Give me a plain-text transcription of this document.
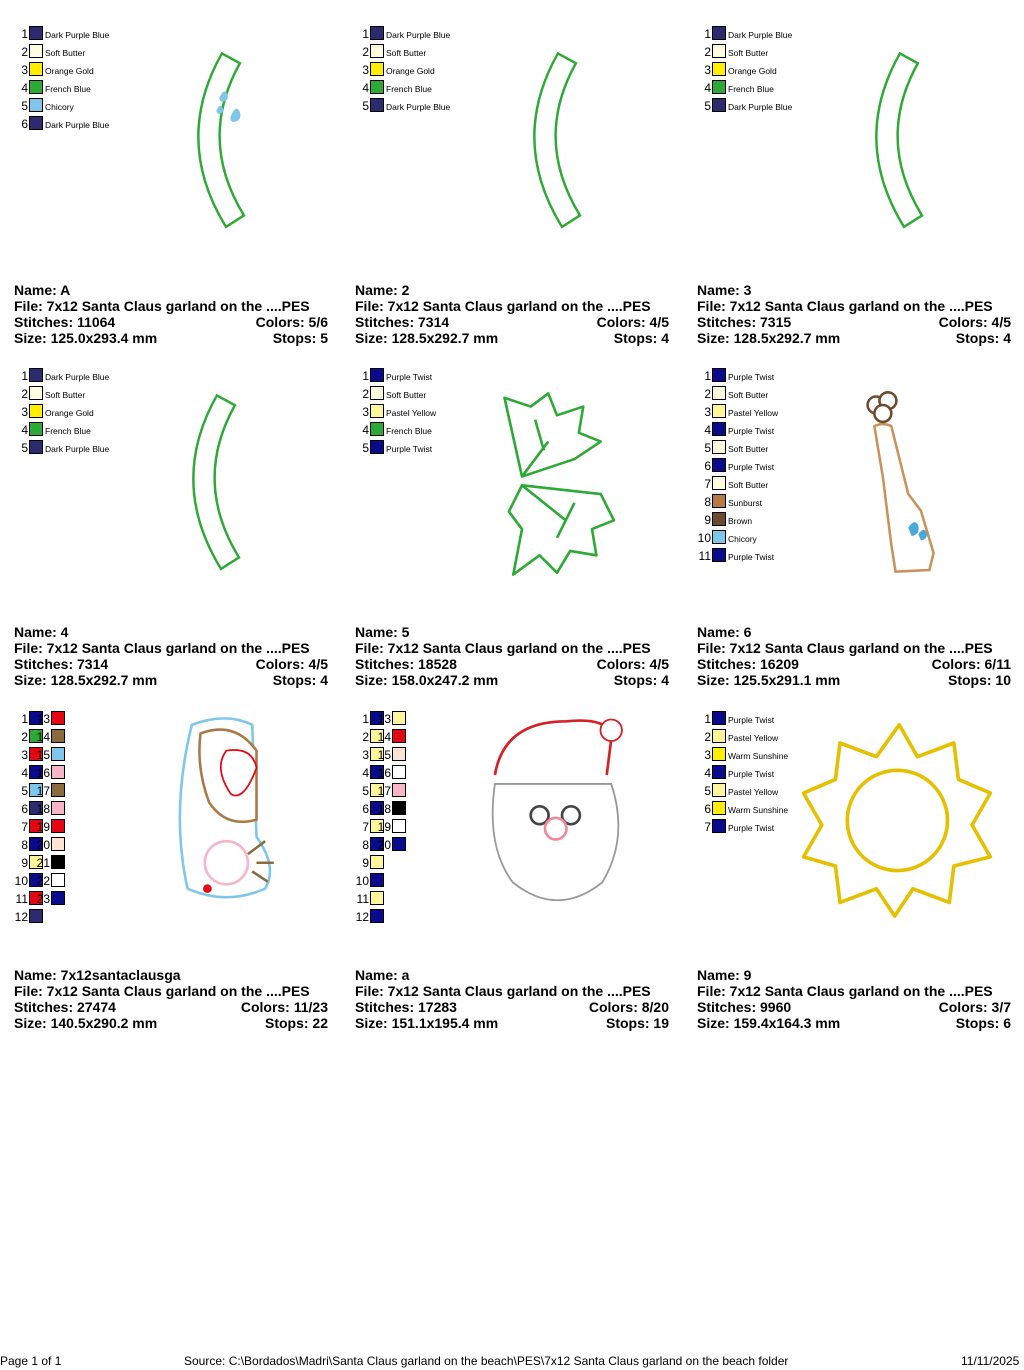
1 Dark Purple Blue
2 Soft Butter
3 Orange Gold
4 French Blue
5 Chicory
6 Dark Purple Blue
Name: A
File: 7x12 Santa Claus garland on the ....PES
Stitches: 11064	Colors: 5/6
Size: 125.0x293.4 mm	Stops: 5
1 Dark Purple Blue
2 Soft Butter
3 Orange Gold
4 French Blue
5 Dark Purple Blue
Name: 2
File: 7x12 Santa Claus garland on the ....PES
Stitches: 7314	Colors: 4/5
Size: 128.5x292.7 mm	Stops: 4
1 Dark Purple Blue
2 Soft Butter
3 Orange Gold
4 French Blue
5 Dark Purple Blue
Name: 3
File: 7x12 Santa Claus garland on the ....PES
Stitches: 7315	Colors: 4/5
Size: 128.5x292.7 mm	Stops: 4
1 Dark Purple Blue
2 Soft Butter
3 Orange Gold
4 French Blue
5 Dark Purple Blue
Name: 4
File: 7x12 Santa Claus garland on the ....PES
Stitches: 7314	Colors: 4/5
Size: 128.5x292.7 mm	Stops: 4
1 Purple Twist
2 Soft Butter
3 Pastel Yellow
4 French Blue
5 Purple Twist
Name: 5
File: 7x12 Santa Claus garland on the ....PES
Stitches: 18528	Colors: 4/5
Size: 158.0x247.2 mm	Stops: 4
1 Purple Twist
2 Soft Butter
3 Pastel Yellow
4 Purple Twist
5 Soft Butter
6 Purple Twist
7 Soft Butter
8 Sunburst
9 Brown
10 Chicory
11 Purple Twist
Name: 6
File: 7x12 Santa Claus garland on the ....PES
Stitches: 16209	Colors: 6/11
Size: 125.5x291.1 mm	Stops: 10
1
2
3
4
5
6
7
8
9
10
11
12
13
14
15
16
17
18
19
20
21
22
23
Name: 7x12santaclausga
File: 7x12 Santa Claus garland on the ....PES
Stitches: 27474	Colors: 11/23
Size: 140.5x290.2 mm	Stops: 22
1
2
3
4
5
6
7
8
9
10
11
12
13
14
15
16
17
18
19
20
Name: a
File: 7x12 Santa Claus garland on the ....PES
Stitches: 17283	Colors: 8/20
Size: 151.1x195.4 mm	Stops: 19
1 Purple Twist
2 Pastel Yellow
3 Warm Sunshine
4 Purple Twist
5 Pastel Yellow
6 Warm Sunshine
7 Purple Twist
Name: 9
File: 7x12 Santa Claus garland on the ....PES
Stitches: 9960	Colors: 3/7
Size: 159.4x164.3 mm	Stops: 6
Page 1 of 1	Source: C:\Bordados\Madri\Santa Claus garland on the beach\PES\7x12 Santa Claus garland on the beach folder	11/11/2025
